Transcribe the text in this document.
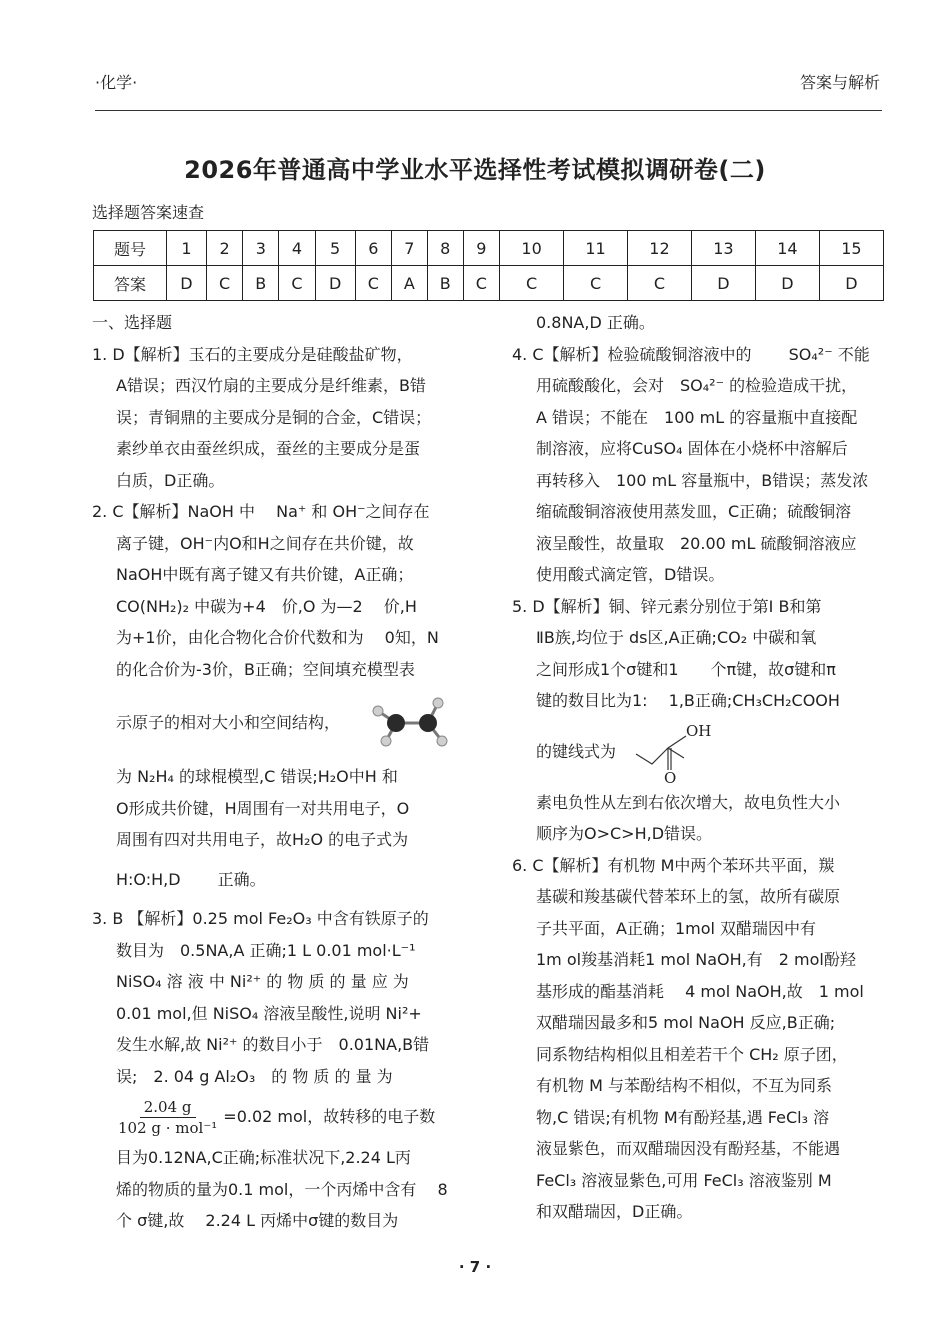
·化学·	答案与解析
2026年普通高中学业水平选择性考试模拟调研卷(二)
选择题答案速查
题号	1	2	3	4	5	6	7	8	9	10	11	12	13	14	15
答案	D	C	B	C	D	C	A	B	C	C	C	C	D	D	D

一、选择题

1. D【解析】玉石的主要成分是硅酸盐矿物，

A错误；西汉竹扇的主要成分是纤维素，B错

误；青铜鼎的主要成分是铜的合金，C错误；

素纱单衣由蚕丝织成，蚕丝的主要成分是蛋

白质，D正确。

2. C【解析】NaOH 中　 Na⁺ 和 OH⁻之间存在

离子键，OH⁻内O和H之间存在共价键，故

NaOH中既有离子键又有共价键，A正确；

CO(NH₂)₂ 中碳为+4　价,O 为—2　 价,H

为+1价，由化合物化合价代数和为　 0知，N

的化合价为-3价，B正确；空间填充模型表

示原子的相对大小和空间结构，

为 N₂H₄ 的球棍模型,C 错误;H₂O中H 和

O形成共价键，H周围有一对共用电子，O

周围有四对共用电子，故H₂O 的电子式为

H:O:H,D　　 正确。

3. B 【解析】0.25 mol Fe₂O₃ 中含有铁原子的

数目为　0.5NA,A 正确;1 L 0.01 mol·L⁻¹

NiSO₄ 溶 液 中 Ni²⁺ 的 物 质 的 量 应 为

0.01 mol,但 NiSO₄ 溶液呈酸性,说明 Ni²+

发生水解,故 Ni²⁺ 的数目小于　0.01NA,B错

误;　2. 04 g Al₂O₃　的 物 质 的 量 为

2.04 g
102 g · mol⁻¹
=0.02 mol，故转移的电子数

目为0.12NA,C正确;标准状况下,2.24 L丙

烯的物质的量为0.1 mol，一个丙烯中含有　 8

个 σ键,故　 2.24 L 丙烯中σ键的数目为

0.8NA,D 正确。

4. C【解析】检验硫酸铜溶液中的　　 SO₄²⁻ 不能

用硫酸酸化，会对　SO₄²⁻ 的检验造成干扰，

A 错误；不能在　100 mL 的容量瓶中直接配

制溶液，应将CuSO₄ 固体在小烧杯中溶解后

再转移入　100 mL 容量瓶中，B错误；蒸发浓

缩硫酸铜溶液使用蒸发皿，C正确；硫酸铜溶

液呈酸性，故量取　20.00 mL 硫酸铜溶液应

使用酸式滴定管，D错误。

5. D【解析】铜、锌元素分别位于第Ⅰ B和第

ⅡB族,均位于 ds区,A正确;CO₂ 中碳和氧

之间形成1个σ键和1　　个π键，故σ键和π

键的数目比为1:　 1,B正确;CH₃CH₂COOH

的键线式为
OH
O

素电负性从左到右依次增大，故电负性大小

顺序为O>C>H,D错误。

6. C【解析】有机物 M中两个苯环共平面，羰

基碳和羧基碳代替苯环上的氢，故所有碳原

子共平面，A正确；1mol 双醋瑞因中有

1m ol羧基消耗1 mol NaOH,有　2 mol酚羟

基形成的酯基消耗　 4 mol NaOH,故　1 mol

双醋瑞因最多和5 mol NaOH 反应,B正确;

同系物结构相似且相差若干个 CH₂ 原子团，

有机物 M 与苯酚结构不相似，不互为同系

物,C 错误;有机物 M有酚羟基,遇 FeCl₃ 溶

液显紫色，而双醋瑞因没有酚羟基，不能遇

FeCl₃ 溶液显紫色,可用 FeCl₃ 溶液鉴别 M

和双醋瑞因，D正确。

· 7 ·
